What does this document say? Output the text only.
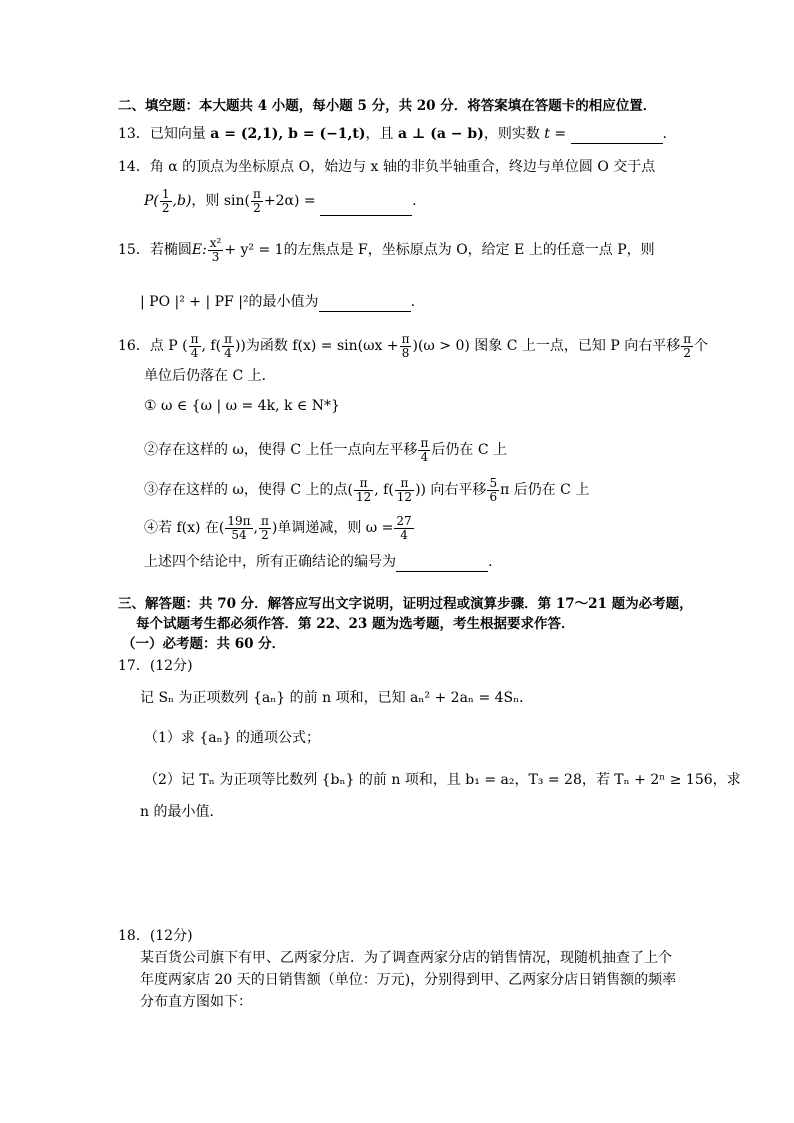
二、填空题：本大题共 4 小题，每小题 5 分，共 20 分．将答案填在答题卡的相应位置．
13．已知向量 a = (2,1), b = (−1,t)，且 a ⊥ (a − b)，则实数 t =	.
14．角 α 的顶点为坐标原点 O，始边与 x 轴的非负半轴重合，终边与单位圆 O 交于点
$P( \frac{1}{2} ,b)$，则 $\sin( \frac{\pi}{2} +2\alpha)$ =	.
15．若椭圆E: $\frac{\text{x²}}{3} + y^2 = 1$的左焦点是 F，坐标原点为 O，给定 E 上的任意一点 P，则
| PO |² + | PF |²的最小值为	.
16．点 P ( $\frac{\pi}{4}$ , $f( \frac{\pi}{4}$ ))为函数 $f(x) = \sin(\omega x + \frac{\pi}{8} )(\omega > 0)$ 图象 C 上一点，已知 P 向右平移 $\frac{\pi}{2}$ 个
单位后仍落在 C 上．
① ω ∈ {ω | ω = 4k, k ∈ N*}
②存在这样的 ω，使得 C 上任一点向左平移 $\frac{\pi}{4}$ 后仍在 C 上
③存在这样的 ω，使得 C 上的点( $\frac{\pi}{12}$ , $f( \frac{\pi}{12}$ )) 向右平移 $\frac{5}{6}$ π 后仍在 C 上
④若 f(x) 在( $\frac{19\pi}{54}$ , $\frac{\pi}{2}$ )单调递减，则 $\omega = \frac{27}{4}$
上述四个结论中，所有正确结论的编号为	.
三、解答题：共 70 分．解答应写出文字说明，证明过程或演算步骤．第 17～21 题为必考题，
每个试题考生都必须作答．第 22、23 题为选考题，考生根据要求作答．
（一）必考题：共 60 分．
17．(12分)
记 Sₙ 为正项数列 {aₙ} 的前 n 项和，已知 aₙ² + 2aₙ = 4Sₙ．
（1）求 {aₙ} 的通项公式；
（2）记 Tₙ 为正项等比数列 {bₙ} 的前 n 项和，且 b₁ = a₂，T₃ = 28，若 Tₙ + 2ⁿ ≥ 156，求
n 的最小值．
18．(12分)
某百货公司旗下有甲、乙两家分店．为了调查两家分店的销售情况，现随机抽查了上个
年度两家店 20 天的日销售额（单位：万元)，分别得到甲、乙两家分店日销售额的频率
分布直方图如下：
